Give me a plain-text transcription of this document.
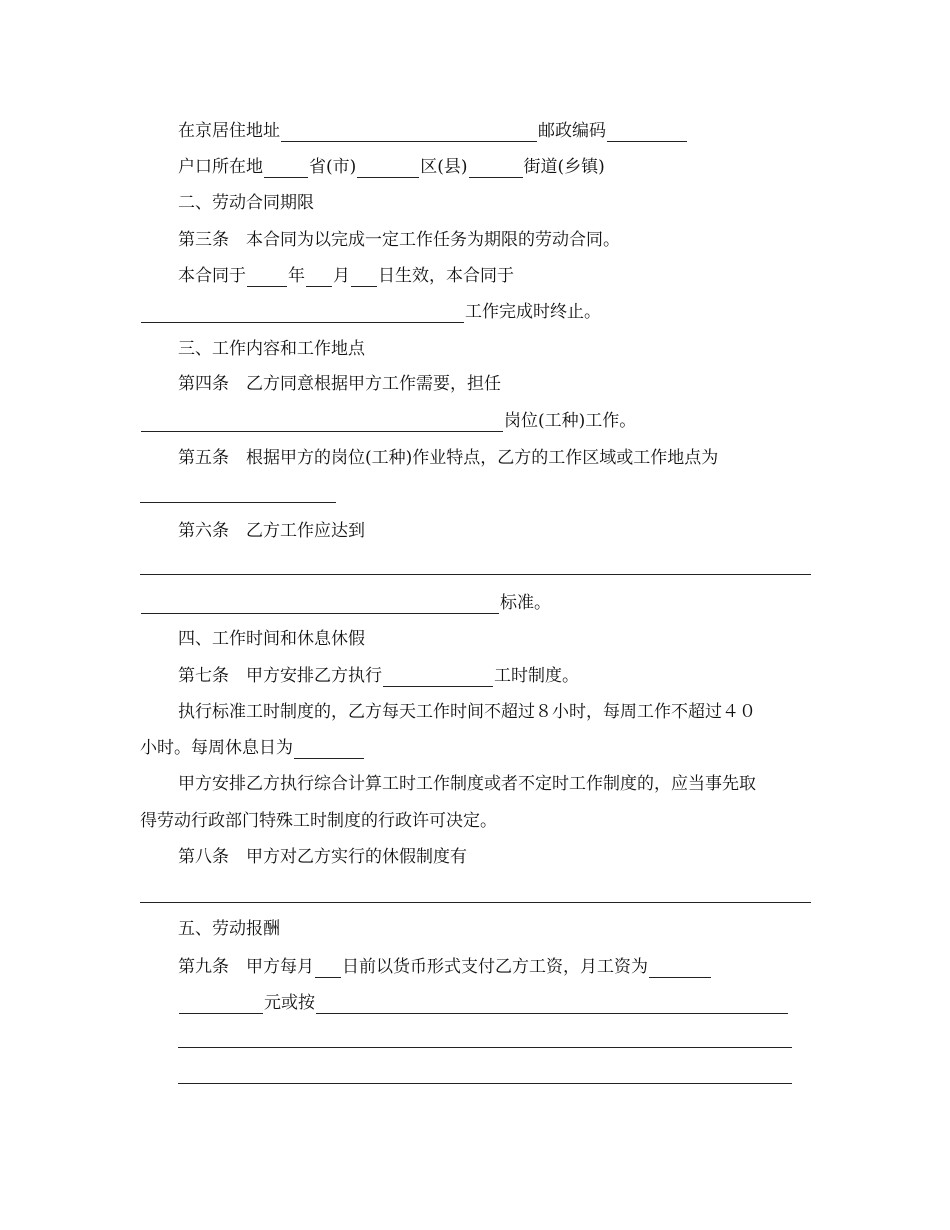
在京居住地址	邮政编码
户口所在地	省(市)	区(县)	街道(乡镇)
二、劳动合同期限
第三条　本合同为以完成一定工作任务为期限的劳动合同。
本合同于 年 月 日生效，本合同于
工作完成时终止。
三、工作内容和工作地点
第四条　乙方同意根据甲方工作需要，担任
岗位(工种)工作。
第五条　根据甲方的岗位(工种)作业特点，乙方的工作区域或工作地点为
第六条　乙方工作应达到
标准。
四、工作时间和休息休假
第七条　甲方安排乙方执行	工时制度。
执行标准工时制度的，乙方每天工作时间不超过８小时，每周工作不超过４０
小时。每周休息日为
甲方安排乙方执行综合计算工时工作制度或者不定时工作制度的，应当事先取
得劳动行政部门特殊工时制度的行政许可决定。
第八条　甲方对乙方实行的休假制度有
五、劳动报酬
第九条　甲方每月 日前以货币形式支付乙方工资，月工资为
元或按
